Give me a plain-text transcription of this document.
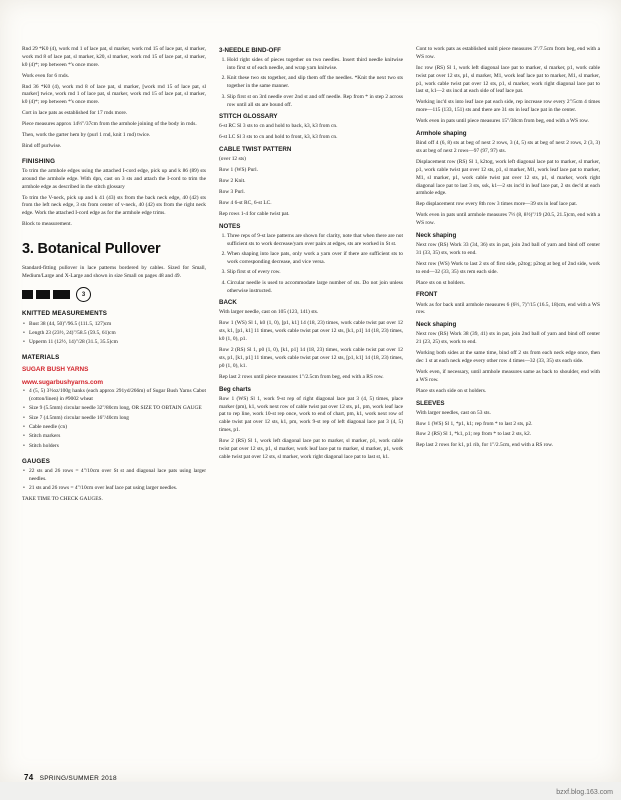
Rnd 29 *K0 (4), work rnd 1 of lace pat, sl marker, work rnd 15 of lace pat, sl marker, work rnd 8 of lace pat, sl marker, k20, sl marker, work rnd 15 of lace pat, sl marker, k0 (4)*; rep between *'s once more.

Work even for 6 rnds.

Rnd 36 *K0 (4), work rnd 8 of lace pat, sl marker, [work rnd 15 of lace pat, sl marker] twice, work rnd 1 of lace pat, sl marker, work rnd 15 of lace pat, sl marker, k0 (4)*; rep between *'s once more.

Cort in lace pats as established for 17 rnds more.

Piece measures approx 14½"/37cm from the armhole joining of the body in rnds.

Then, work the garter hem by (purl 1 rnd, knit 1 rnd) twice.

Bind off purlwise.

FINISHING

To trim the armhole edges using the attached I-cord edge, pick up and k 86 (89) sts around the armhole edge. With dpn, cast on 3 sts and attach the I-cord to trim the armhole edge as described in the stitch glossary

To trim the V-neck, pick up and k 41 (43) sts from the back neck edge, 40 (42) sts from the left neck edge, 3 sts from center of v-neck, 40 (42) sts from the right neck edge. Work the attached I-cord edge as for the armhole edge trims.

Block to measurement.

3. Botanical Pullover

Standard-fitting pullover in lace patterns bordered by cables. Sized for Small, Medium/Large and X-Large and shown in size Small on pages 48 and 49.

3
KNITTED MEASUREMENTS
• Bust 38 (44, 50)"/96.5 (111.5, 127)cm
• Length 23 (23½, 24)"/58.5 (59.5, 61)cm
• Upperm 11 (12½, 14)"/28 (31.5, 35.5)cm
MATERIALS
SUGAR BUSH YARNS
www.sugarbushyarns.com
• 4 (5, 5) 3½oz/100g hanks (each approx 291yd/266m) of Sugar Bush Yarns Cabot (cotton/linen) in #9002 wheat
• Size 9 (5.5mm) circular needle 32"/80cm long, OR SIZE TO OBTAIN GAUGE
• Size 7 (4.5mm) circular needle 16"/40cm long
• Cable needle (cn)
• Stitch markers
• Stitch holders
GAUGES
• 22 sts and 26 rows = 4"/10cm over St st and diagonal lace pats using larger needles.
• 21 sts and 26 rows = 4"/10cm over leaf lace pat using larger needles.

TAKE TIME TO CHECK GAUGES.

3-NEEDLE BIND-OFF
1. Hold right sides of pieces together on two needles. Insert third needle knitwise into first st of each needle, and wrap yarn knitwise.
2. Knit these two sts together, and slip them off the needles. *Knit the next two sts together in the same manner.
3. Slip first st on 3rd needle over 2nd st and off needle. Rep from * in step 2 across row until all sts are bound off.
STITCH GLOSSARY

6-st RC Sl 3 sts to cn and hold to back, k3, k3 from cn.

6-st LC Sl 3 sts to cn and hold to front, k3, k3 from cn.

CABLE TWIST PATTERN

(over 12 sts)

Row 1 (WS) Purl.

Row 2 Knit.

Row 3 Purl.

Row 4 6-st RC, 6-st LC.

Rep rows 1-4 for cable twist pat.

NOTES
1. Three reps of 9-st lace patterns are shown for clarity, note that when there are not sufficient sts to work decrease/yarn over pairs at edges, sts are worked in St st.
2. When shaping into lace pats, only work a yarn over if there are sufficient sts to work corresponding decrease, and vice versa.
3. Slip first st of every row.
4. Circular needle is used to accommodate large number of sts. Do not join unless otherwise instructed.
BACK

With larger needle, cast on 105 (123, 141) sts.

Row 1 (WS) Sl 1, k0 (1, 0), [p1, k1] 14 (18, 23) times, work cable twist pat over 12 sts, k1, [p1, k1] 11 times, work cable twist pat over 12 sts, [k1, p1] 14 (18, 23) times, k0 (1, 0), p1.

Row 2 (RS) Sl 1, p0 (1, 0), [k1, p1] 14 (18, 23) times, work cable twist pat over 12 sts, p1, [k1, p1] 11 times, work cable twist pat over 12 sts, [p1, k1] 14 (18, 23) times, p0 (1, 0), k1.

Rep last 2 rows until piece measures 1"/2.5cm from beg, end with a RS row.

Beg charts

Row 1 (WS) Sl 1, work 9-st rep of right diagonal lace pat 3 (4, 5) times, place marker (pm), k1, work next row of cable twist pat over 12 sts, p1, pm, work leaf lace pat to rep line, work 10-st rep once, work to end of chart, pm, k1, work next row of cable twist pat over 12 sts, k1, pm, work 9-st rep of left diagonal lace pat 3 (4, 5) times, p1.

Row 2 (RS) Sl 1, work left diagonal lace pat to marker, sl marker, p1, work cable twist pat over 12 sts, p1, sl marker, work leaf lace pat to marker, sl marker, p1, work cable twist pat over 12 sts, sl marker, work right diagonal lace pat to last st, k1.

Cont to work pats as established unitl piece measures 3"/7.5cm from beg, end with a WS row.

Inc row (RS) Sl 1, work left diagonal lace pat to marker, sl marker, p1, work cable twist pat over 12 sts, p1, sl marker, M1, work leaf lace pat to marker, M1, sl marker, p1, work cable twist pat over 12 sts, p1, sl marker, work right diagonal lace pat to last st, k1—2 sts incd at each side of leaf lace pat.

Working inc'd sts into leaf lace pat each side, rep increase row every 2"/5cm 4 times more—115 (133, 151) sts and there are 31 sts in leaf lace pat in the center.

Work even in pats until piece measures 15"/38cm from beg, end with a WS row.

Armhole shaping

Bind off 4 (6, 8) sts at beg of next 2 rows, 3 (4, 5) sts at beg of next 2 rows, 2 (3, 3) sts at beg of next 2 rows—97 (97, 97) sts.

Displacement row (RS) Sl 1, k2tog, work left diagonal lace pat to marker, sl marker, p1, work cable twist pat over 12 sts, p1, sl marker, M1, work leaf lace pat to marker, M1, sl marker, p1, work cable twist pat over 12 sts, p1, sl marker, work right diagonal lace pat to last 3 sts, ssk, k1—2 sts inc'd in leaf lace pat, 2 sts dec'd at each armhole edge.

Rep displacement row every 8th row 3 times more—39 sts in leaf lace pat.

Work even in pats until armhole measures 7½ (8, 8½)"/19 (20.5, 21.5)cm, end with a WS row.

Neck shaping

Next row (RS) Work 33 (34, 36) sts in pat, join 2nd ball of yarn and bind off center 31 (33, 35) sts, work to end.

Next row (WS) Work to last 2 sts of first side, p2tog; p2tog at beg of 2nd side, work to end—32 (33, 35) sts rem each side.

Place sts on st holders.

FRONT

Work as for back until armhole measures 6 (6½, 7)"/15 (16.5, 18)cm, end with a WS row.

Neck shaping

Next row (RS) Work 38 (39, 41) sts in pat, join 2nd ball of yarn and bind off center 21 (23, 25) sts, work to end.

Working both sides at the same time, bind off 2 sts from each neck edge once, then dec 1 st at each neck edge every other row 4 times—32 (33, 35) sts each side.

Work even, if necessary, until armhole measures same as back to shoulder, end with a WS row.

Place sts each side on st holders.

SLEEVES

With larger needles, cast on 53 sts.

Row 1 (WS) Sl 1, *p1, k1; rep from * to last 2 sts, p2.

Row 2 (RS) Sl 1, *k1, p1; rep from * to last 2 sts, k2.

Rep last 2 rows for k1, p1 rib, for 1"/2.5cm, end with a RS row.

74 SPRING/SUMMER 2018
bzxf.blog.163.com
